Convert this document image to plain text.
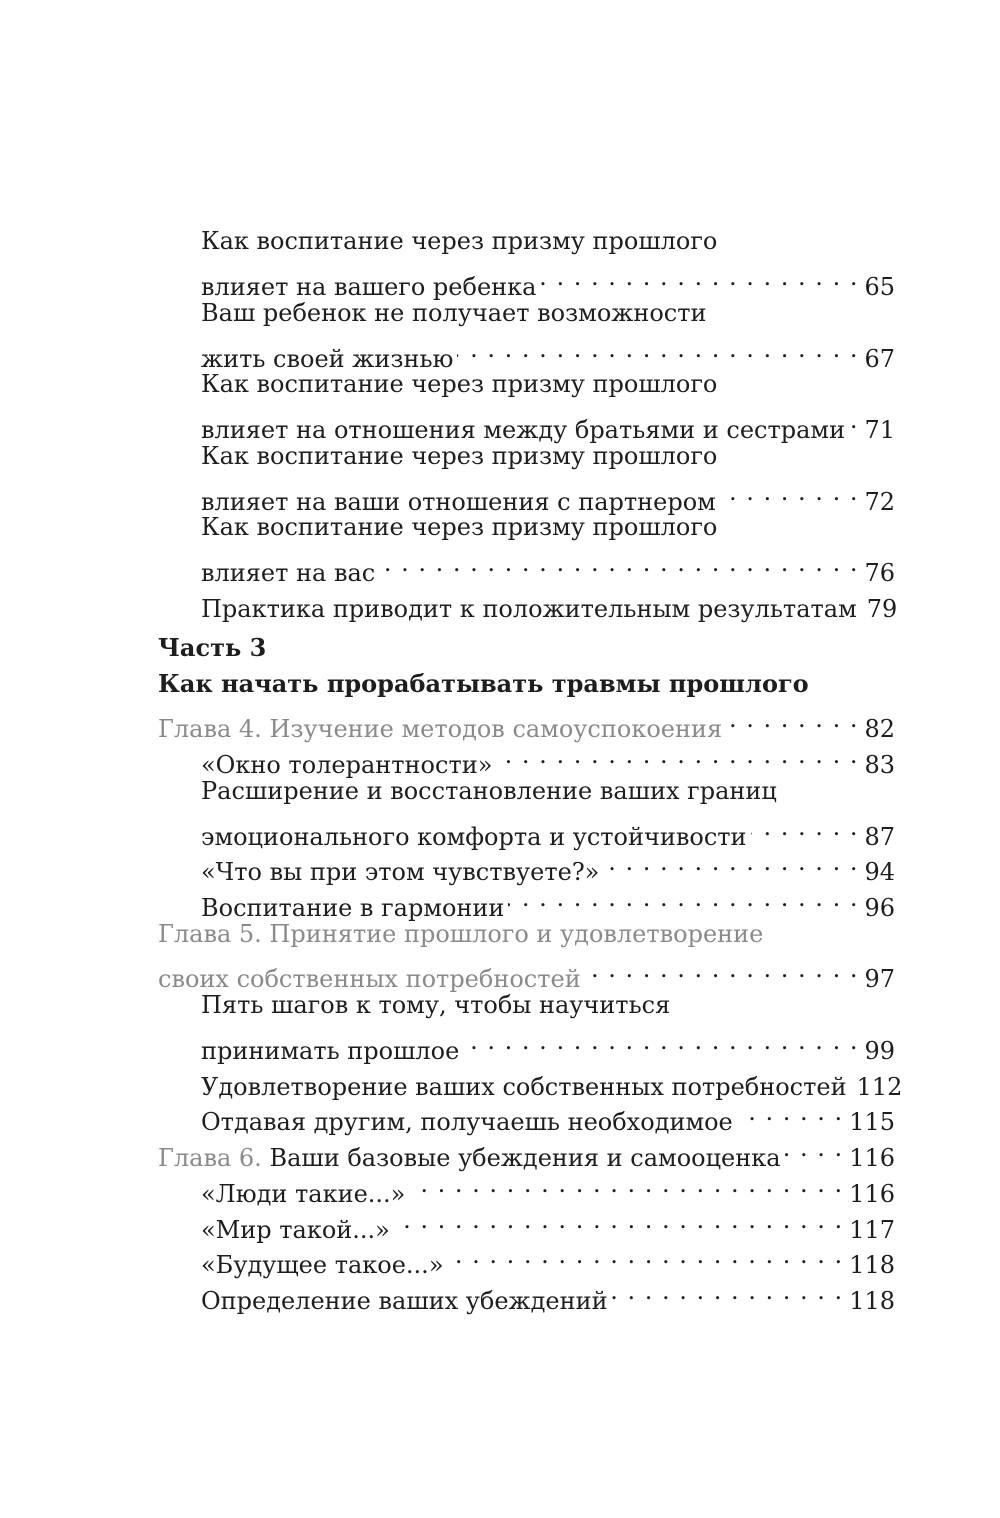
Как воспитание через призму прошлого
влияет на вашего ребенка . . .	65
Ваш ребенок не получает возможности
жить своей жизнью . . .	67
Как воспитание через призму прошлого
влияет на отношения между братьями и сестрами . . . 71
Как воспитание через призму прошлого
влияет на ваши отношения с партнером . . .	72
Как воспитание через призму прошлого
влияет на вас . . .	76
Практика приводит к положительным результатам 79
Часть 3
Как начать прорабатывать травмы прошлого
Глава 4. Изучение методов самоуспокоения . . .	82
«Окно толерантности» . . .	83
Расширение и восстановление ваших границ
эмоционального комфорта и устойчивости . . .	87
«Что вы при этом чувствуете?» . . .	94
Воспитание в гармонии . . .	96
Глава 5. Принятие прошлого и удовлетворение
своих собственных потребностей . . .	97
Пять шагов к тому, чтобы научиться
принимать прошлое . . .	99
Удовлетворение ваших собственных потребностей 112
Отдавая другим, получаешь необходимое . . .	115
Глава 6. Ваши базовые убеждения и самооценка . . .	116
«Люди такие...» . . .	116
«Мир такой...» . . .	117
«Будущее такое...» . . .	118
Определение ваших убеждений . . .	118
